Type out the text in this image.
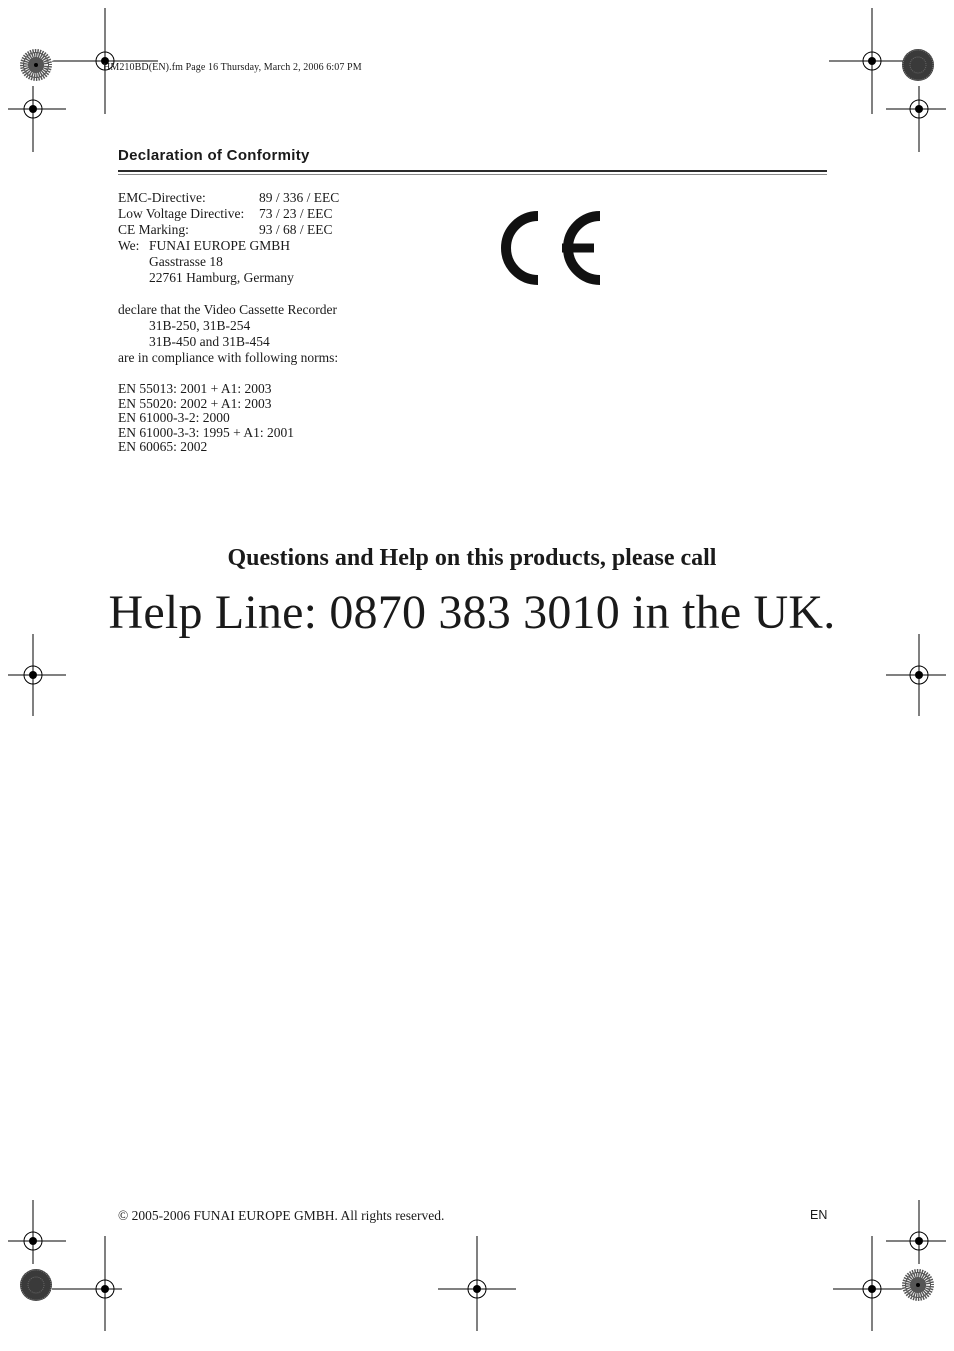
HM210BD(EN).fm Page 16 Thursday, March 2, 2006 6:07 PM
Declaration of Conformity
EMC-Directive:	89 / 336 / EEC
Low Voltage Directive:	73 / 23 / EEC
CE Marking:	93 / 68 / EEC
We: FUNAI EUROPE GMBH
Gasstrasse 18
22761 Hamburg, Germany
declare that the Video Cassette Recorder
31B-250, 31B-254
31B-450 and 31B-454
are in compliance with following norms:
EN 55013: 2001 + A1: 2003
EN 55020: 2002 + A1: 2003
EN 61000-3-2: 2000
EN 61000-3-3: 1995 + A1: 2001
EN 60065: 2002
Questions and Help on this products, please call
Help Line: 0870 383 3010 in the UK.
© 2005-2006 FUNAI EUROPE GMBH. All rights reserved.	EN
